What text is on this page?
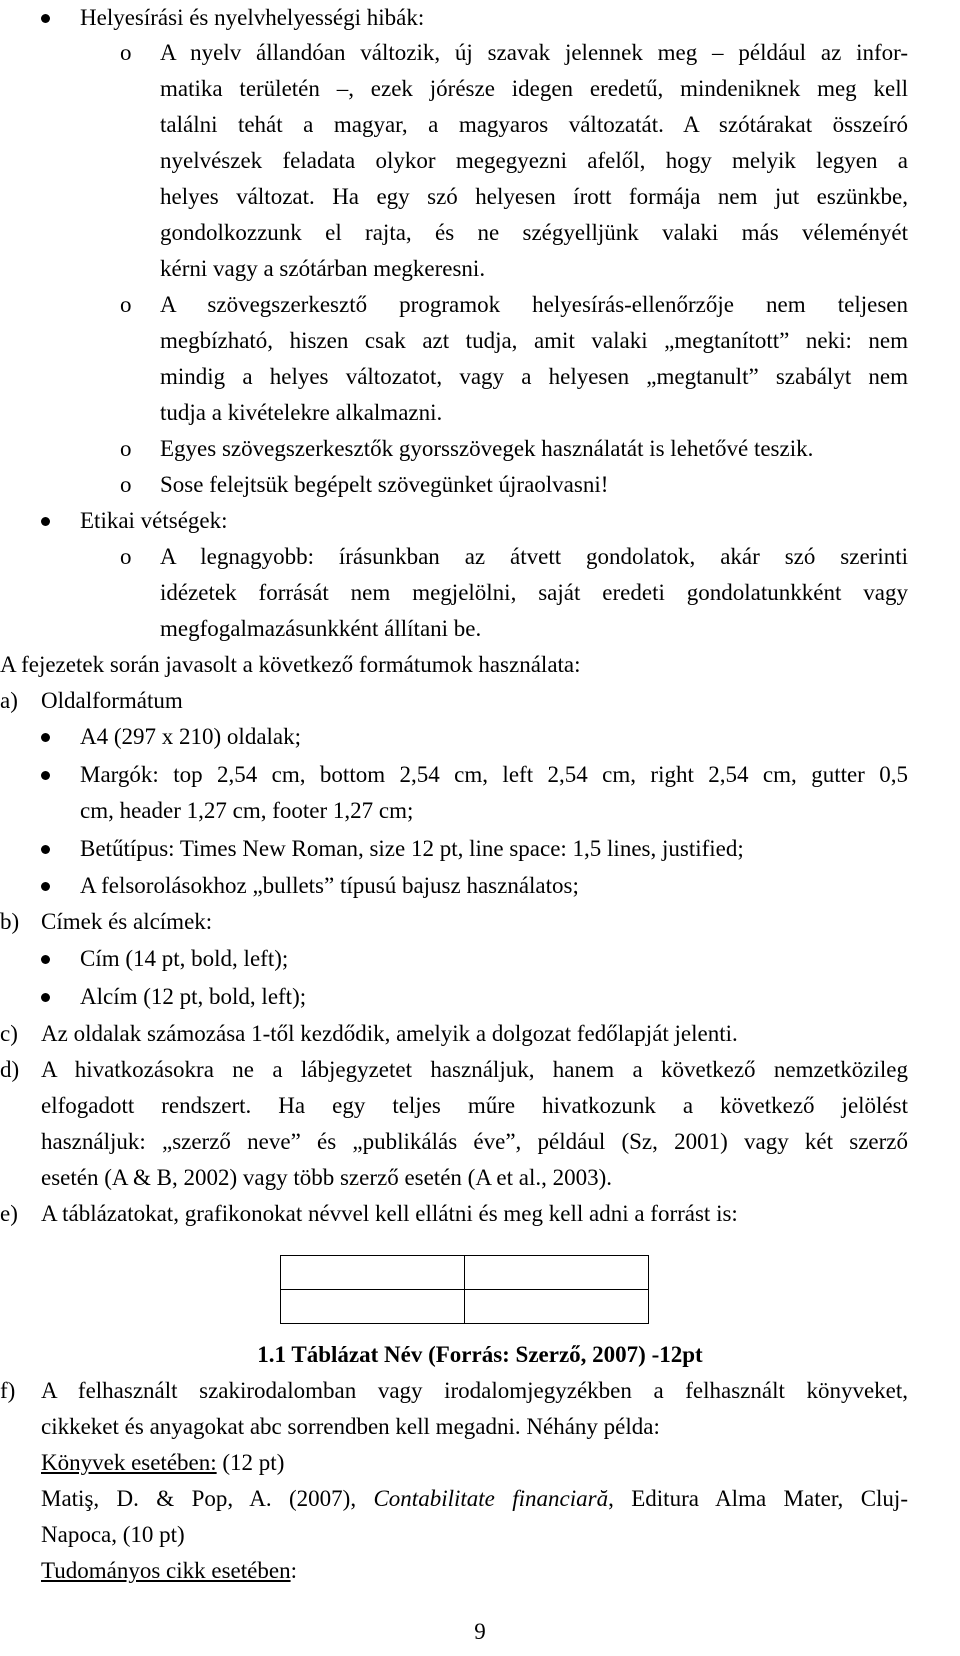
Helyesírási és nyelvhelyességi hibák:
o A nyelv állandóan változik, új szavak jelennek meg – például az infor-
matika területén –, ezek jórésze idegen eredetű, mindeniknek meg kell
találni tehát a magyar, a magyaros változatát. A szótárakat összeíró
nyelvészek feladata olykor megegyezni afelől, hogy melyik legyen a
helyes változat. Ha egy szó helyesen írott formája nem jut eszünkbe,
gondolkozzunk el rajta, és ne szégyelljünk valaki más véleményét
kérni vagy a szótárban megkeresni.
o A szövegszerkesztő programok helyesírás-ellenőrzője nem teljesen
megbízható, hiszen csak azt tudja, amit valaki „megtanított” neki: nem
mindig a helyes változatot, vagy a helyesen „megtanult” szabályt nem
tudja a kivételekre alkalmazni.
o Egyes szövegszerkesztők gyorsszövegek használatát is lehetővé teszik.
o Sose felejtsük begépelt szövegünket újraolvasni!
Etikai vétségek:
o A legnagyobb: írásunkban az átvett gondolatok, akár szó szerinti
idézetek forrását nem megjelölni, saját eredeti gondolatunkként vagy
megfogalmazásunkként állítani be.
A fejezetek során javasolt a következő formátumok használata:
a) Oldalformátum
A4 (297 x 210) oldalak;
Margók: top 2,54 cm, bottom 2,54 cm, left 2,54 cm, right 2,54 cm, gutter 0,5
cm, header 1,27 cm, footer 1,27 cm;
Betűtípus: Times New Roman, size 12 pt, line space: 1,5 lines, justified;
A felsorolásokhoz „bullets” típusú bajusz használatos;
b) Címek és alcímek:
Cím (14 pt, bold, left);
Alcím (12 pt, bold, left);
c) Az oldalak számozása 1-től kezdődik, amelyik a dolgozat fedőlapját jelenti.
d) A hivatkozásokra ne a lábjegyzetet használjuk, hanem a következő nemzetközileg
elfogadott rendszert. Ha egy teljes műre hivatkozunk a következő jelölést
használjuk: „szerző neve” és „publikálás éve”, például (Sz, 2001) vagy két szerző
esetén (A & B, 2002) vagy több szerző esetén (A et al., 2003).
e) A táblázatokat, grafikonokat névvel kell ellátni és meg kell adni a forrást is:

1.1 Táblázat Név (Forrás: Szerző, 2007) -12pt
f) A felhasznált szakirodalomban vagy irodalomjegyzékben a felhasznált könyveket,
cikkeket és anyagokat abc sorrendben kell megadni. Néhány példa:
Könyvek esetében: (12 pt)
Matiş, D. & Pop, A. (2007), Contabilitate financiară, Editura Alma Mater, Cluj-
Napoca, (10 pt)
Tudományos cikk esetében:
9
